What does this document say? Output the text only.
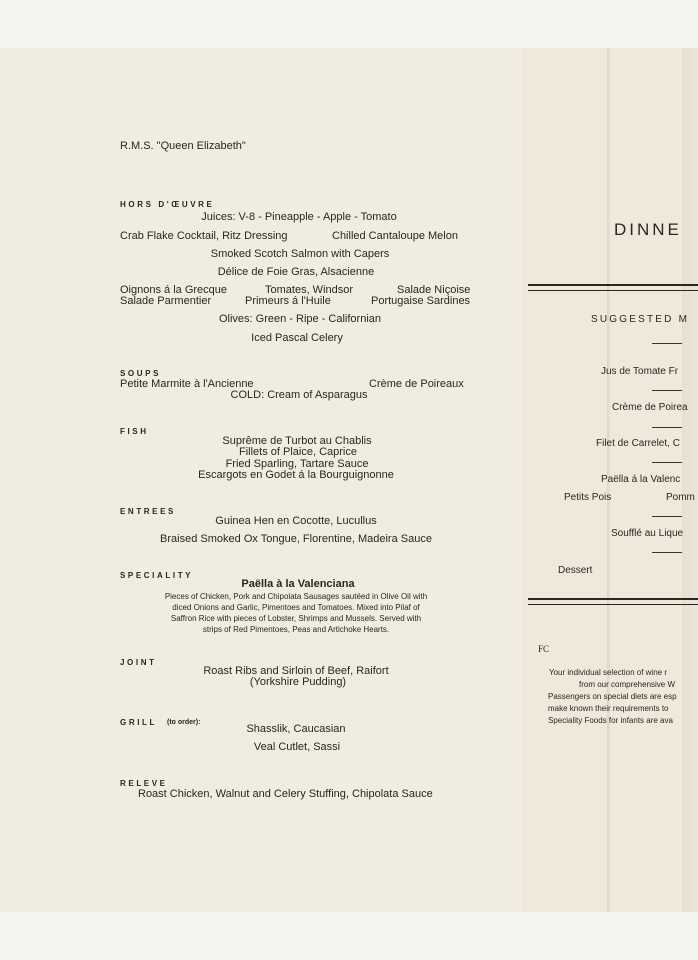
R.M.S. "Queen Elizabeth"
HORS D'ŒUVRE
Juices: V-8 - Pineapple - Apple - Tomato
Crab Flake Cocktail, Ritz Dressing	Chilled Cantaloupe Melon
Smoked Scotch Salmon with Capers
Délice de Foie Gras, Alsacienne
Oignons á la Grecque	Tomates, Windsor	Salade Niçoise
Salade Parmentier	Primeurs á l'Huile	Portugaise Sardines
Olives: Green - Ripe - Californian
Iced Pascal Celery
SOUPS
Petite Marmite à l'Ancienne	Crème de Poireaux
COLD: Cream of Asparagus
FISH
Suprême de Turbot au Chablis
Fillets of Plaice, Caprice
Fried Sparling, Tartare Sauce
Escargots en Godet á la Bourguignonne
ENTREES
Guinea Hen en Cocotte, Lucullus
Braised Smoked Ox Tongue, Florentine, Madeira Sauce
SPECIALITY
Paëlla à la Valenciana
Pieces of Chicken, Pork and Chipolata Sausages sautéed in Olive Oil with
diced Onions and Garlic, Pimentoes and Tomatoes. Mixed into Pilaf of
Saffron Rice with pieces of Lobster, Shrimps and Mussels. Served with
strips of Red Pimentoes, Peas and Artichoke Hearts.
JOINT
Roast Ribs and Sirloin of Beef, Raifort
(Yorkshire Pudding)
GRILL (to order):
Shasslik, Caucasian
Veal Cutlet, Sassi
RELEVE
Roast Chicken, Walnut and Celery Stuffing, Chipolata Sauce
DINNE
SUGGESTED M
Jus de Tomate Fr
Crème de Poirea
Filet de Carrelet, C
Paëlla á la Valenc
Petits Pois	Pomm
Soufflé au Lique
Dessert
FC
Your individual selection of wine r
from our comprehensive W
Passengers on special diets are esp
make known their requirements to
Speciality Foods for infants are ava
